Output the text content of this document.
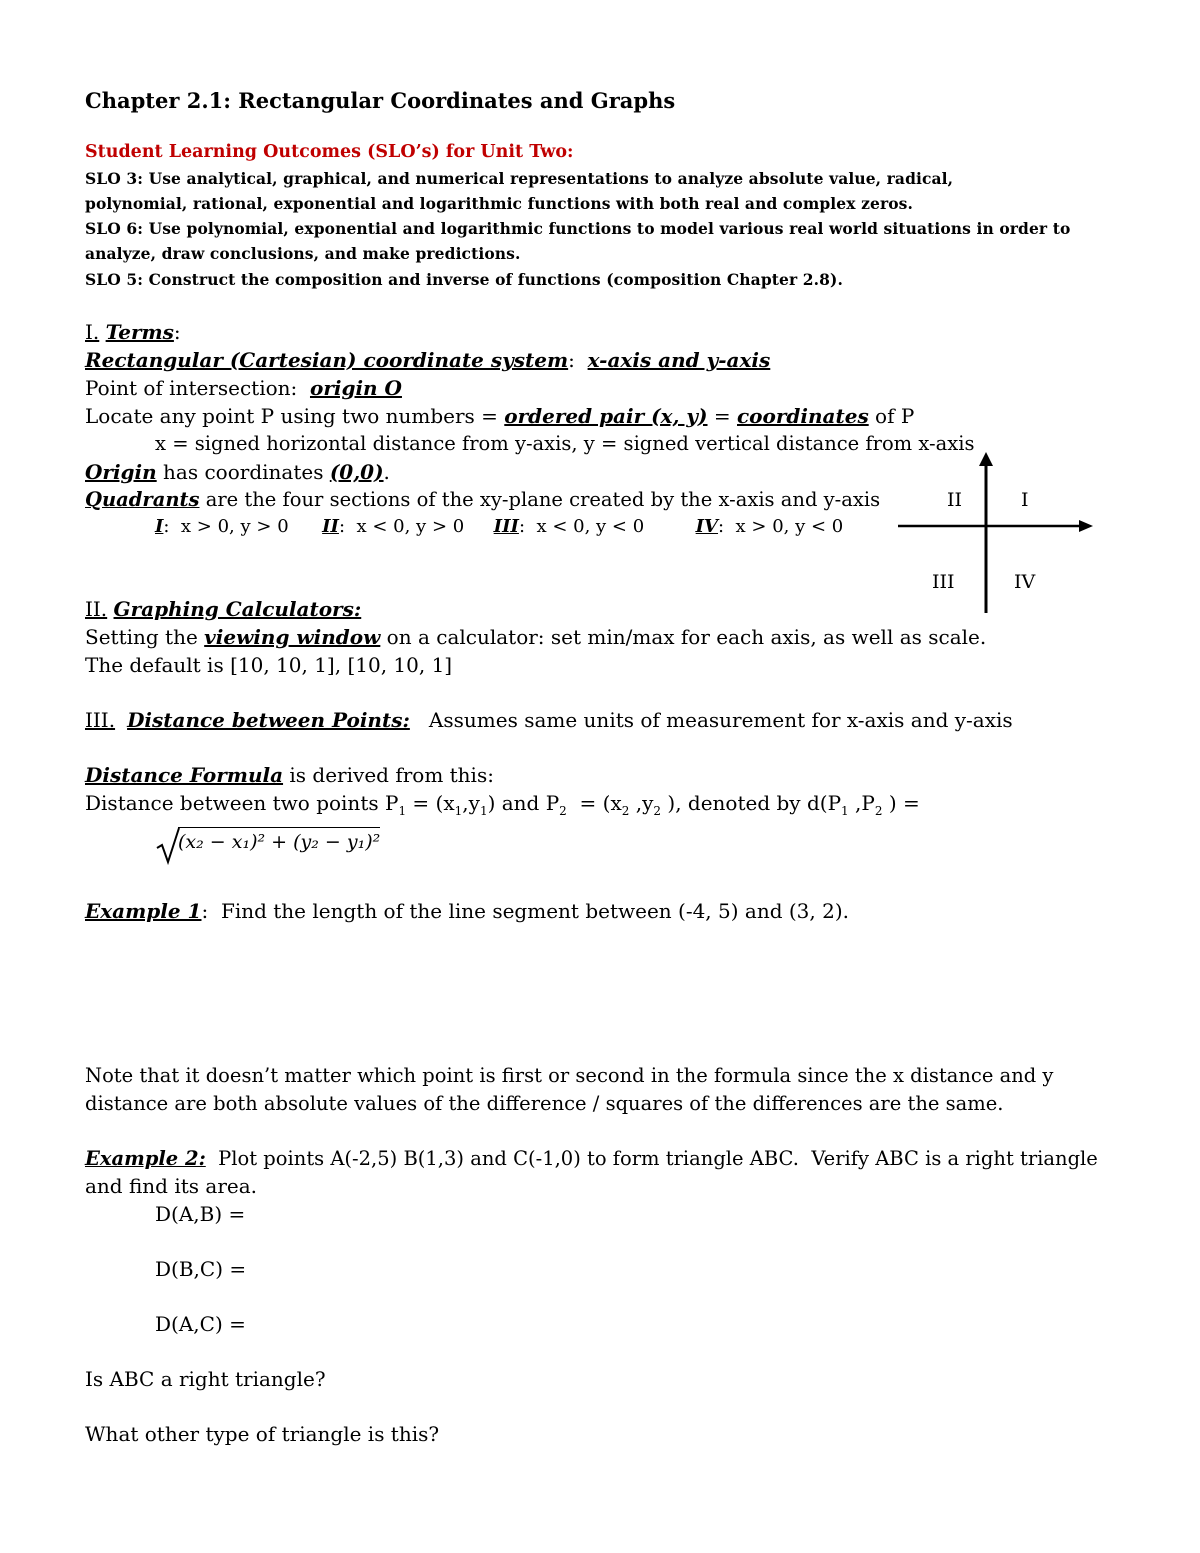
Chapter 2.1: Rectangular Coordinates and Graphs
Student Learning Outcomes (SLO’s) for Unit Two:
SLO 3: Use analytical, graphical, and numerical representations to analyze absolute value, radical,
polynomial, rational, exponential and logarithmic functions with both real and complex zeros.
SLO 6: Use polynomial, exponential and logarithmic functions to model various real world situations in order to
analyze, draw conclusions, and make predictions.
SLO 5: Construct the composition and inverse of functions (composition Chapter 2.8).
I. Terms:
Rectangular (Cartesian) coordinate system:  x-axis and y-axis
Point of intersection:  origin O
Locate any point P using two numbers = ordered pair (x, y) = coordinates of P
x = signed horizontal distance from y-axis, y = signed vertical distance from x-axis
Origin has coordinates (0,0).
Quadrants are the four sections of the xy-plane created by the x-axis and y-axis
I:  x > 0, y > 0 II:  x < 0, y > 0 III:  x < 0, y < 0	IV:  x > 0, y < 0
II	I
III	IV
II. Graphing Calculators:
Setting the viewing window on a calculator: set min/max for each axis, as well as scale.
The default is [10, 10, 1], [10, 10, 1]
III. Distance between Points:   Assumes same units of measurement for x-axis and y-axis
Distance Formula is derived from this:
Distance between two points $P_1 = (x_1,y_1)$ and $P_2 = (x_2$ $,y_2$ ), denoted by $d(P_1$ $,P_2$ ) =
(x₂ − x₁)² + (y₂ − y₁)²
Example 1:  Find the length of the line segment between (-4, 5) and (3, 2).
Note that it doesn’t matter which point is first or second in the formula since the x distance and y
distance are both absolute values of the difference / squares of the differences are the same.
Example 2:  Plot points A(-2,5) B(1,3) and C(-1,0) to form triangle ABC.  Verify ABC is a right triangle
and find its area.
D(A,B) =
D(B,C) =
D(A,C) =
Is ABC a right triangle?
What other type of triangle is this?
